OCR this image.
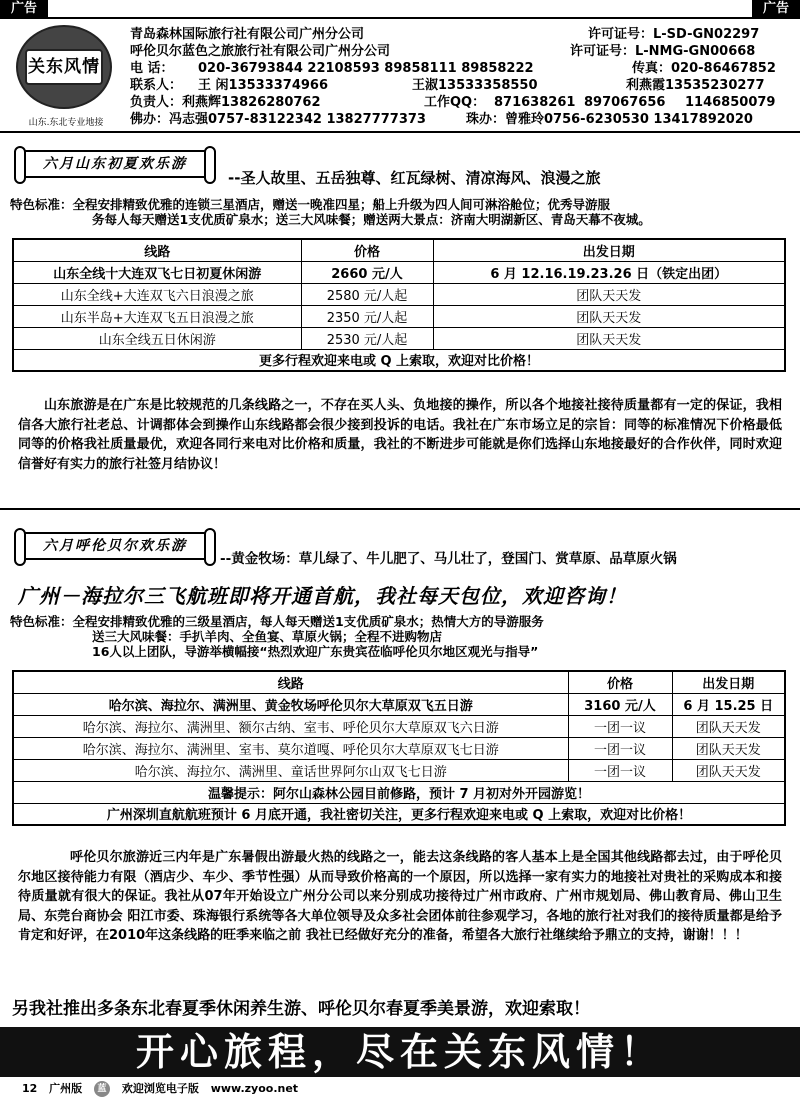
广告	广告
关东风情
山东.东北专业地接
青岛森林国际旅行社有限公司广州分公司	许可证号：L-SD-GN02297
呼伦贝尔蓝色之旅旅行社有限公司广州分公司	许可证号：L-NMG-GN00668
电 话： 020-36793844 22108593 89858111 89858222	传真：020-86467852
联系人： 王 闲13533374966	王淑13533358550	利燕霞13535230277
负责人：利燕辉13826280762	工作QQ： 871638261 897067656 1146850079
佛办：冯志强0757-83122342 13827777373	珠办：曾雅玲0756-6230530 13417892020
六月山东初夏欢乐游
--圣人故里、五岳独尊、红瓦绿树、清凉海风、浪漫之旅
特色标准：全程安排精致优雅的连锁三星酒店，赠送一晚准四星；船上升级为四人间可淋浴舱位；优秀导游服
务每人每天赠送1支优质矿泉水；送三大风味餐；赠送两大景点：济南大明湖新区、青岛天幕不夜城。
线路	价格	出发日期
山东全线十大连双飞七日初夏休闲游	2660 元/人	6 月 12.16.19.23.26 日（铁定出团）
山东全线+大连双飞六日浪漫之旅	2580 元/人起	团队天天发
山东半岛+大连双飞五日浪漫之旅	2350 元/人起	团队天天发
山东全线五日休闲游	2530 元/人起	团队天天发
更多行程欢迎来电或 Q 上索取，欢迎对比价格！		
山东旅游是在广东是比较规范的几条线路之一，不存在买人头、负地接的操作，所以各个地接社接待质量都有一定的保证，我相信各大旅行社老总、计调都体会到操作山东线路都会很少接到投诉的电话。我社在广东市场立足的宗旨：同等的标准情况下价格最低同等的价格我社质量最优，欢迎各同行来电对比价格和质量，我社的不断进步可能就是你们选择山东地接最好的合作伙伴，同时欢迎信誉好有实力的旅行社签月结协议！
六月呼伦贝尔欢乐游
--黄金牧场：草儿绿了、牛儿肥了、马儿壮了，登国门、赏草原、品草原火锅
广州－海拉尔三飞航班即将开通首航，我社每天包位，欢迎咨询！
特色标准：全程安排精致优雅的三级星酒店，每人每天赠送1支优质矿泉水；热情大方的导游服务
送三大风味餐：手扒羊肉、全鱼宴、草原火锅；全程不进购物店
16人以上团队，导游举横幅接“热烈欢迎广东贵宾莅临呼伦贝尔地区观光与指导”
线路	价格	出发日期
哈尔滨、海拉尔、满洲里、黄金牧场呼伦贝尔大草原双飞五日游	3160 元/人	6 月 15.25 日
哈尔滨、海拉尔、满洲里、额尔古纳、室韦、呼伦贝尔大草原双飞六日游	一团一议	团队天天发
哈尔滨、海拉尔、满洲里、室韦、莫尔道嘎、呼伦贝尔大草原双飞七日游	一团一议	团队天天发
哈尔滨、海拉尔、满洲里、童话世界阿尔山双飞七日游	一团一议	团队天天发
温馨提示：阿尔山森林公园目前修路，预计 7 月初对外开园游览！		
广州深圳直航航班预计 6 月底开通，我社密切关注，更多行程欢迎来电或 Q 上索取，欢迎对比价格！		
呼伦贝尔旅游近三内年是广东暑假出游最火热的线路之一，能去这条线路的客人基本上是全国其他线路都去过，由于呼伦贝尔地区接待能力有限（酒店少、车少、季节性强）从而导致价格高的一个原因，所以选择一家有实力的地接社对贵社的采购成本和接待质量就有很大的保证。我社从07年开始设立广州分公司以来分别成功接待过广州市政府、广州市规划局、佛山教育局、佛山卫生局、东莞台商协会 阳江市委、珠海银行系统等各大单位领导及众多社会团体前往参观学习，各地的旅行社对我们的接待质量都是给予肯定和好评，在2010年这条线路的旺季来临之前 我社已经做好充分的准备，希望各大旅行社继续给予鼎立的支持，谢谢！！！
另我社推出多条东北春夏季休闲养生游、呼伦贝尔春夏季美景游，欢迎索取！
开心旅程，尽在关东风情！
12 广州版 蓝 欢迎浏览电子版 www.zyoo.net
